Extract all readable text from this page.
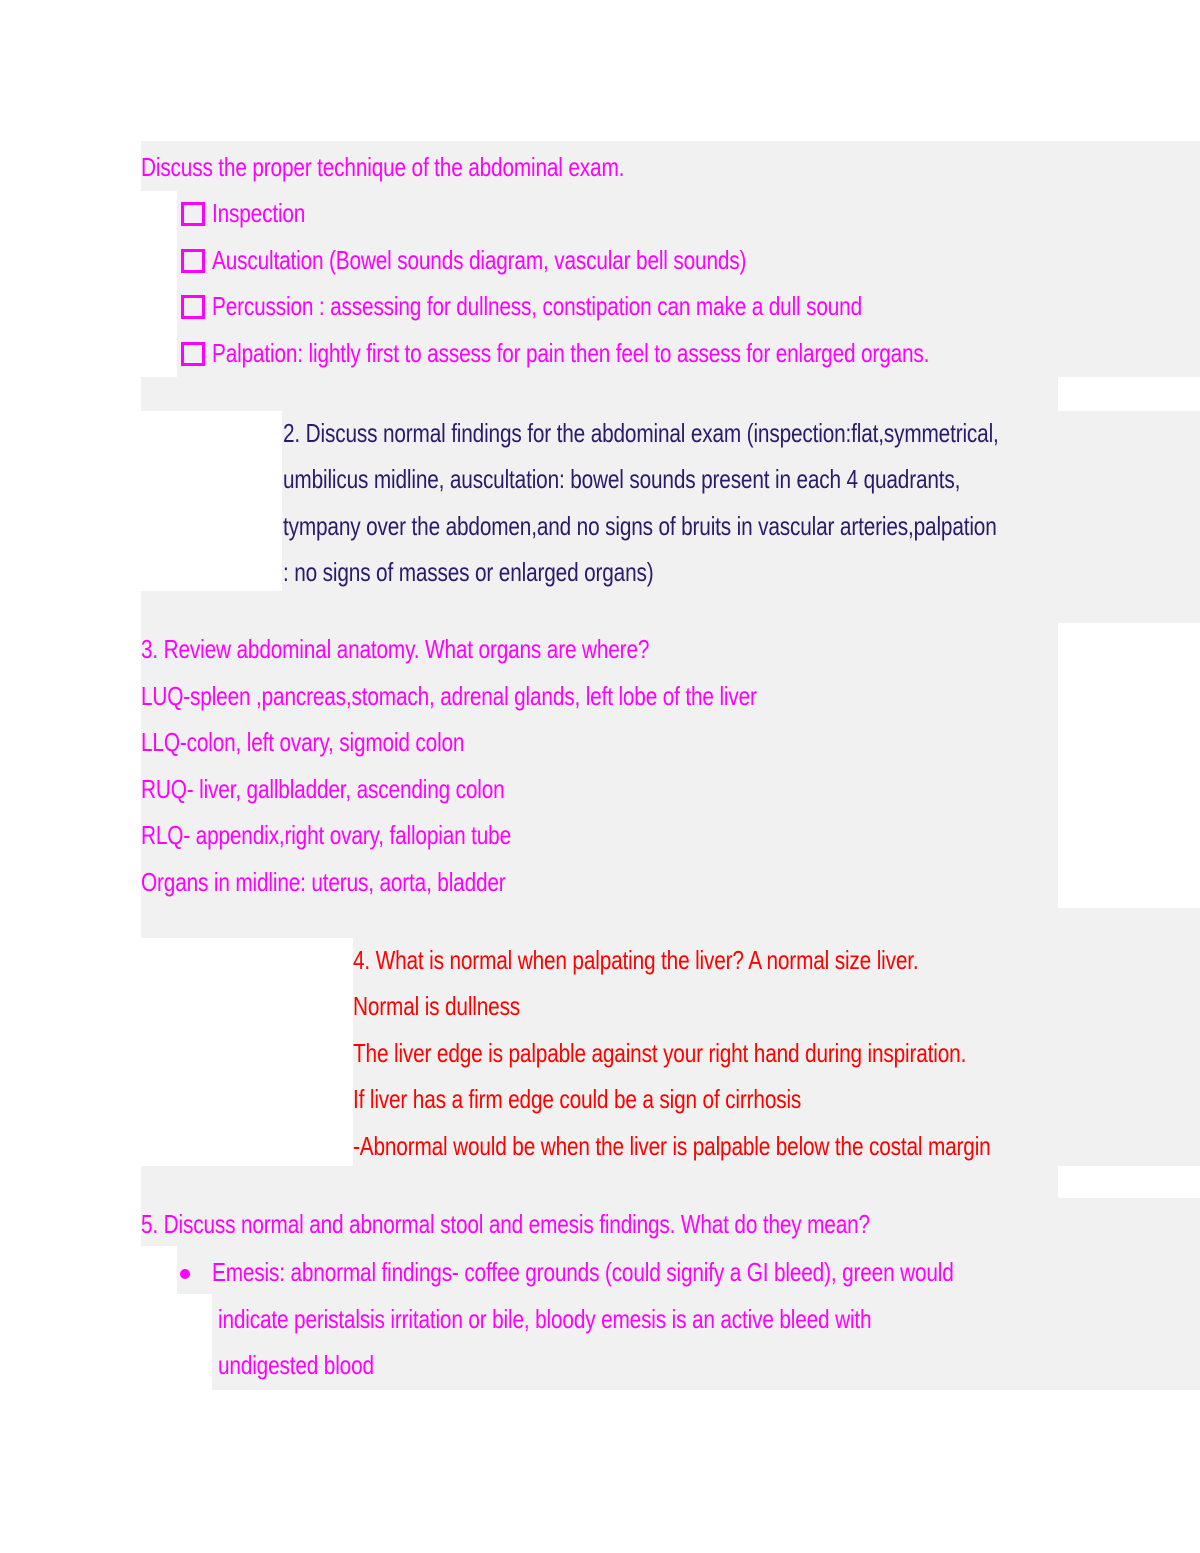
Discuss the proper technique of the abdominal exam.
Inspection
Auscultation (Bowel sounds diagram, vascular bell sounds)
Percussion : assessing for dullness, constipation can make a dull sound
Palpation: lightly first to assess for pain then feel to assess for enlarged organs.
2. Discuss normal findings for the abdominal exam (inspection:flat,symmetrical,
umbilicus midline, auscultation: bowel sounds present in each 4 quadrants,
tympany over the abdomen,and no signs of bruits in vascular arteries,palpation
: no signs of masses or enlarged organs)
3. Review abdominal anatomy. What organs are where?
LUQ-spleen ,pancreas,stomach, adrenal glands, left lobe of the liver
LLQ-colon, left ovary, sigmoid colon
RUQ- liver, gallbladder, ascending colon
RLQ- appendix,right ovary, fallopian tube
Organs in midline: uterus, aorta, bladder
4. What is normal when palpating the liver? A normal size liver.
Normal is dullness
The liver edge is palpable against your right hand during inspiration.
If liver has a firm edge could be a sign of cirrhosis
-Abnormal would be when the liver is palpable below the costal margin
5. Discuss normal and abnormal stool and emesis findings. What do they mean?
Emesis: abnormal findings- coffee grounds (could signify a GI bleed), green would
indicate peristalsis irritation or bile, bloody emesis is an active bleed with
undigested blood
